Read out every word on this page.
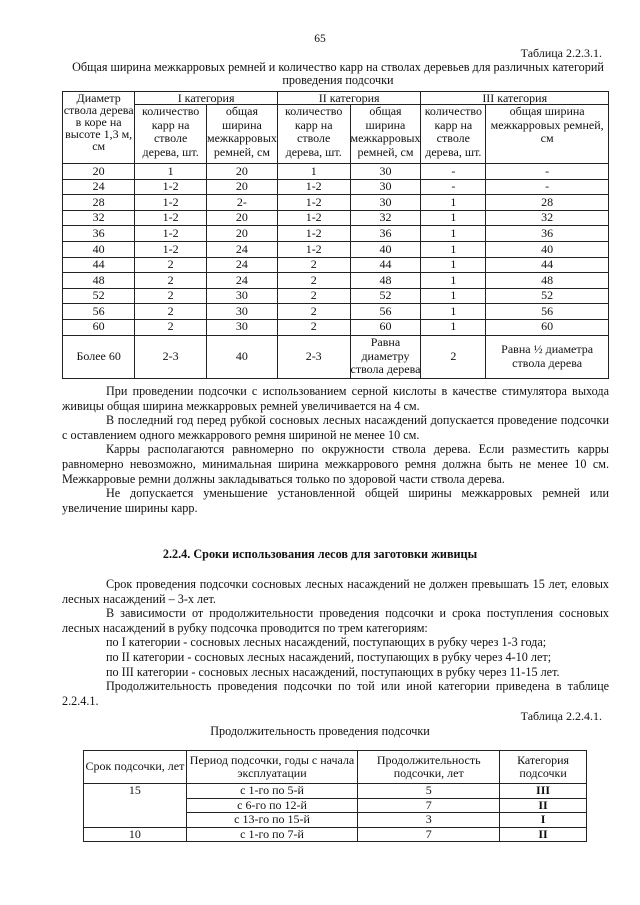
65
Таблица 2.2.3.1.
Общая ширина межкарровых ремней и количество карр на стволах деревьев для различных категорий проведения подсочки
Диаметр ствола дерева в коре на высоте 1,3 м, см	I категория		II категория		III категория	
	количество карр на стволе дерева, шт.	общая ширина межкарровых ремней, см	количество карр на стволе дерева, шт.	общая ширина межкарровых ремней, см	количество карр на стволе дерева, шт.	общая ширина межкарровых ремней, см
20	1	20	1	30	-	-
24	1-2	20	1-2	30	-	-
28	1-2	2-	1-2	30	1	28
32	1-2	20	1-2	32	1	32
36	1-2	20	1-2	36	1	36
40	1-2	24	1-2	40	1	40
44	2	24	2	44	1	44
48	2	24	2	48	1	48
52	2	30	2	52	1	52
56	2	30	2	56	1	56
60	2	30	2	60	1	60
Более 60	2-3	40	2-3	Равна диаметру ствола дерева	2	Равна ½ диаметра ствола дерева

При проведении подсочки с использованием серной кислоты в качестве стимулятора выхода живицы общая ширина межкарровых ремней увеличивается на 4 см.

В последний год перед рубкой сосновых лесных насаждений допускается проведение подсочки с оставлением одного межкаррового ремня шириной не менее 10 см.

Карры располагаются равномерно по окружности ствола дерева. Если разместить карры равномерно невозможно, минимальная ширина межкаррового ремня должна быть не менее 10 см. Межкарровые ремни должны закладываться только по здоровой части ствола дерева.

Не допускается уменьшение установленной общей ширины межкарровых ремней или увеличение ширины карр.

2.2.4. Сроки использования лесов для заготовки живицы

Срок проведения подсочки сосновых лесных насаждений не должен превышать 15 лет, еловых лесных насаждений – 3-х лет.

В зависимости от продолжительности проведения подсочки и срока поступления сосновых лесных насаждений в рубку подсочка проводится по трем категориям:

по I категории - сосновых лесных насаждений, поступающих в рубку через 1-3 года;

по II категории - сосновых лесных насаждений, поступающих в рубку через 4-10 лет;

по III категории - сосновых лесных насаждений, поступающих в рубку через 11-15 лет.

Продолжительность проведения подсочки по той или иной категории приведена в таблице 2.2.4.1.

Таблица 2.2.4.1.
Продолжительность проведения подсочки
Срок подсочки, лет	Период подсочки, годы с начала эксплуатации	Продолжительность подсочки, лет	Категория подсочки
15	с 1-го по 5-й	5	III
	с 6-го по 12-й	7	II
	с 13-го по 15-й	3	I
10	с 1-го по 7-й	7	II
